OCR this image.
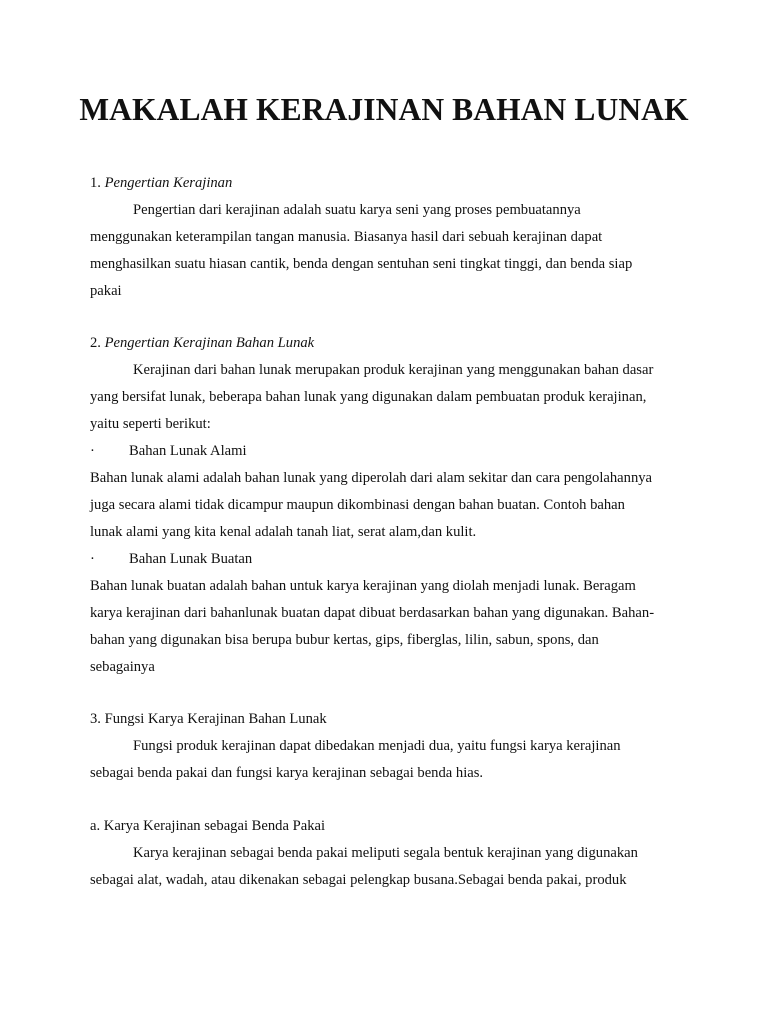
MAKALAH KERAJINAN BAHAN LUNAK
1. Pengertian Kerajinan
Pengertian dari kerajinan adalah suatu karya seni yang proses pembuatannya
menggunakan keterampilan tangan manusia. Biasanya hasil dari sebuah kerajinan dapat
menghasilkan suatu hiasan cantik, benda dengan sentuhan seni tingkat tinggi, dan benda siap
pakai
2. Pengertian Kerajinan Bahan Lunak
Kerajinan dari bahan lunak merupakan produk kerajinan yang menggunakan bahan dasar
yang bersifat lunak, beberapa bahan lunak yang digunakan dalam pembuatan produk kerajinan,
yaitu seperti berikut:
· Bahan Lunak Alami
Bahan lunak alami adalah bahan lunak yang diperolah dari alam sekitar dan cara pengolahannya
juga secara alami tidak dicampur maupun dikombinasi dengan bahan buatan. Contoh bahan
lunak alami yang kita kenal adalah tanah liat, serat alam,dan kulit.
· Bahan Lunak Buatan
Bahan lunak buatan adalah bahan untuk karya kerajinan yang diolah menjadi lunak. Beragam
karya kerajinan dari bahanlunak buatan dapat dibuat berdasarkan bahan yang digunakan. Bahan-
bahan yang digunakan bisa berupa bubur kertas, gips, fiberglas, lilin, sabun, spons, dan
sebagainya
3. Fungsi Karya Kerajinan Bahan Lunak
Fungsi produk kerajinan dapat dibedakan menjadi dua, yaitu fungsi karya kerajinan
sebagai benda pakai dan fungsi karya kerajinan sebagai benda hias.
a. Karya Kerajinan sebagai Benda Pakai
Karya kerajinan sebagai benda pakai meliputi segala bentuk kerajinan yang digunakan
sebagai alat, wadah, atau dikenakan sebagai pelengkap busana.Sebagai benda pakai, produk
